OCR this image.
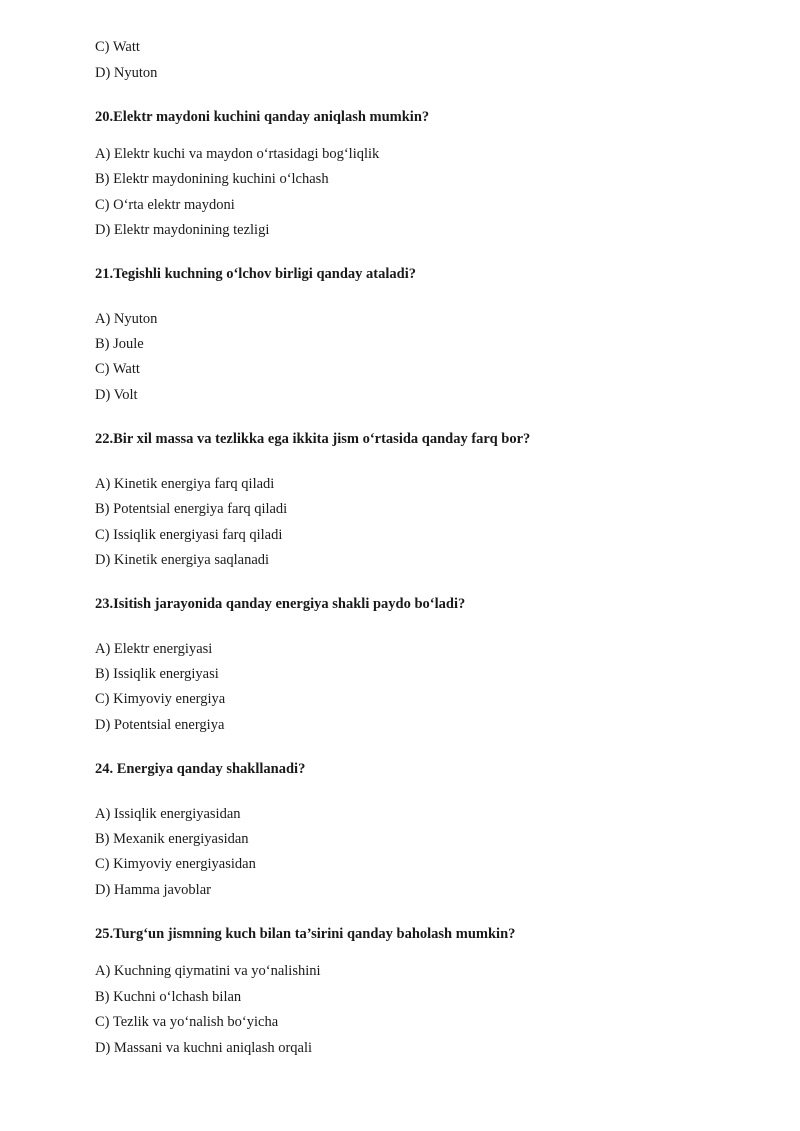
C) Watt
D) Nyuton
20.Elektr maydoni kuchini qanday aniqlash mumkin?
A) Elektr kuchi va maydon o‘rtasidagi bog‘liqlik
B) Elektr maydonining kuchini o‘lchash
C) O‘rta elektr maydoni
D) Elektr maydonining tezligi
21.Tegishli kuchning o‘lchov birligi qanday ataladi?
A) Nyuton
B) Joule
C) Watt
D) Volt
22.Bir xil massa va tezlikka ega ikkita jism o‘rtasida qanday farq bor?
A) Kinetik energiya farq qiladi
B) Potentsial energiya farq qiladi
C) Issiqlik energiyasi farq qiladi
D) Kinetik energiya saqlanadi
23.Isitish jarayonida qanday energiya shakli paydo bo‘ladi?
A) Elektr energiyasi
B) Issiqlik energiyasi
C) Kimyoviy energiya
D) Potentsial energiya
24. Energiya qanday shakllanadi?
A) Issiqlik energiyasidan
B) Mexanik energiyasidan
C) Kimyoviy energiyasidan
D) Hamma javoblar
25.Turg‘un jismning kuch bilan ta’sirini qanday baholash mumkin?
A) Kuchning qiymatini va yo‘nalishini
B) Kuchni o‘lchash bilan
C) Tezlik va yo‘nalish bo‘yicha
D) Massani va kuchni aniqlash orqali
